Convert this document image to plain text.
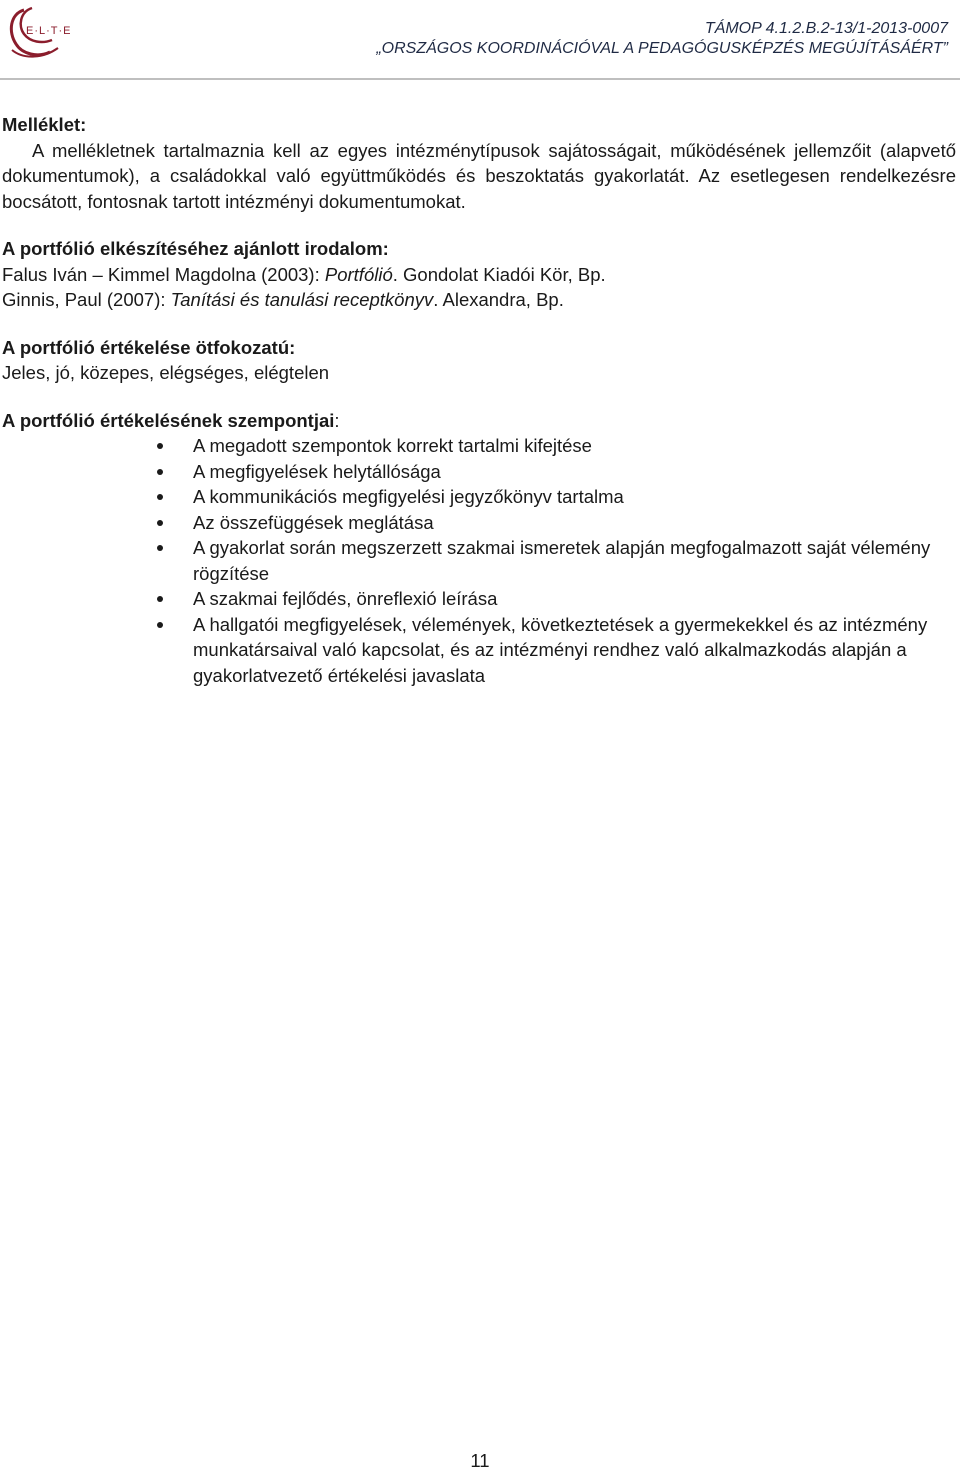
E·L·T·E	TÁMOP 4.1.2.B.2-13/1-2013-0007
„ORSZÁGOS KOORDINÁCIÓVAL A PEDAGÓGUSKÉPZÉS MEGÚJÍTÁSÁÉRT”

Melléklet:

A mellékletnek tartalmaznia kell az egyes intézménytípusok sajátosságait, működésének jellemzőit (alapvető dokumentumok), a családokkal való együttműködés és beszoktatás gyakorlatát. Az esetlegesen rendelkezésre bocsátott, fontosnak tartott intézményi dokumentumokat.

A portfólió elkészítéséhez ajánlott irodalom:

Falus Iván – Kimmel Magdolna (2003): Portfólió. Gondolat Kiadói Kör, Bp.

Ginnis, Paul (2007): Tanítási és tanulási receptkönyv. Alexandra, Bp.

A portfólió értékelése ötfokozatú:

Jeles, jó, közepes, elégséges, elégtelen

A portfólió értékelésének szempontjai:

A megadott szempontok korrekt tartalmi kifejtése
A megfigyelések helytállósága
A kommunikációs megfigyelési jegyzőkönyv tartalma
Az összefüggések meglátása
A gyakorlat során megszerzett szakmai ismeretek alapján megfogalmazott saját vélemény rögzítése
A szakmai fejlődés, önreflexió leírása
A hallgatói megfigyelések, vélemények, következtetések a gyermekekkel és az intézmény munkatársaival való kapcsolat, és az intézményi rendhez való alkalmazkodás alapján a gyakorlatvezető értékelési javaslata
11
